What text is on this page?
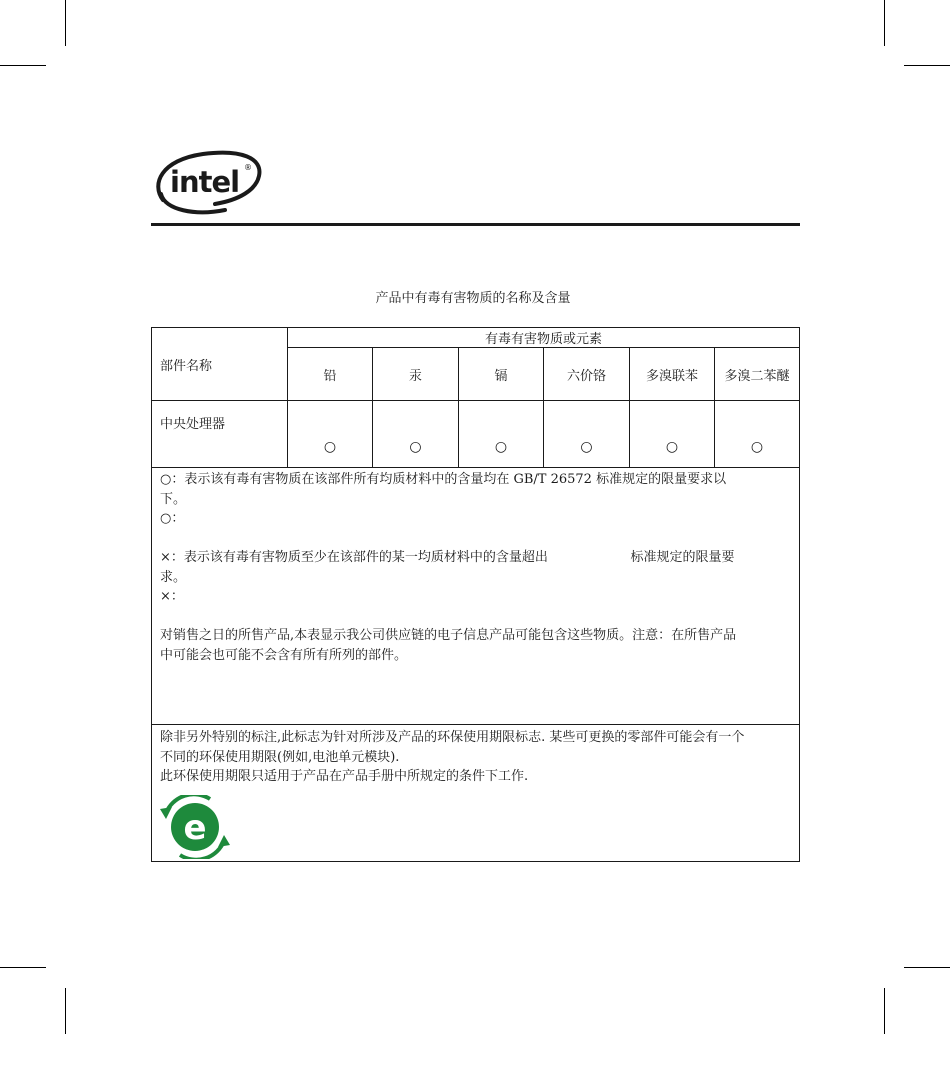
intel ®
产品中有毒有害物质的名称及含量
部件名称	有毒有害物质或元素					
	铅	汞	镉	六价铬	多溴联苯	多溴二苯醚
中央处理器	○	○	○	○	○	○

○：表示该有毒有害物质在该部件所有均质材料中的含量均在 GB/T 26572 标准规定的限量要求以下。

○：

×：表示该有毒有害物质至少在该部件的某一均质材料中的含量超出                    标准规定的限量要求。

×：

对销售之日的所售产品,本表显示我公司供应链的电子信息产品可能包含这些物质。注意：在所售产品中可能会也可能不会含有所有所列的部件。						

除非另外特别的标注,此标志为针对所涉及产品的环保使用期限标志. 某些可更换的零部件可能会有一个不同的环保使用期限(例如,电池单元模块).

此环保使用期限只适用于产品在产品手册中所规定的条件下工作.

e						
